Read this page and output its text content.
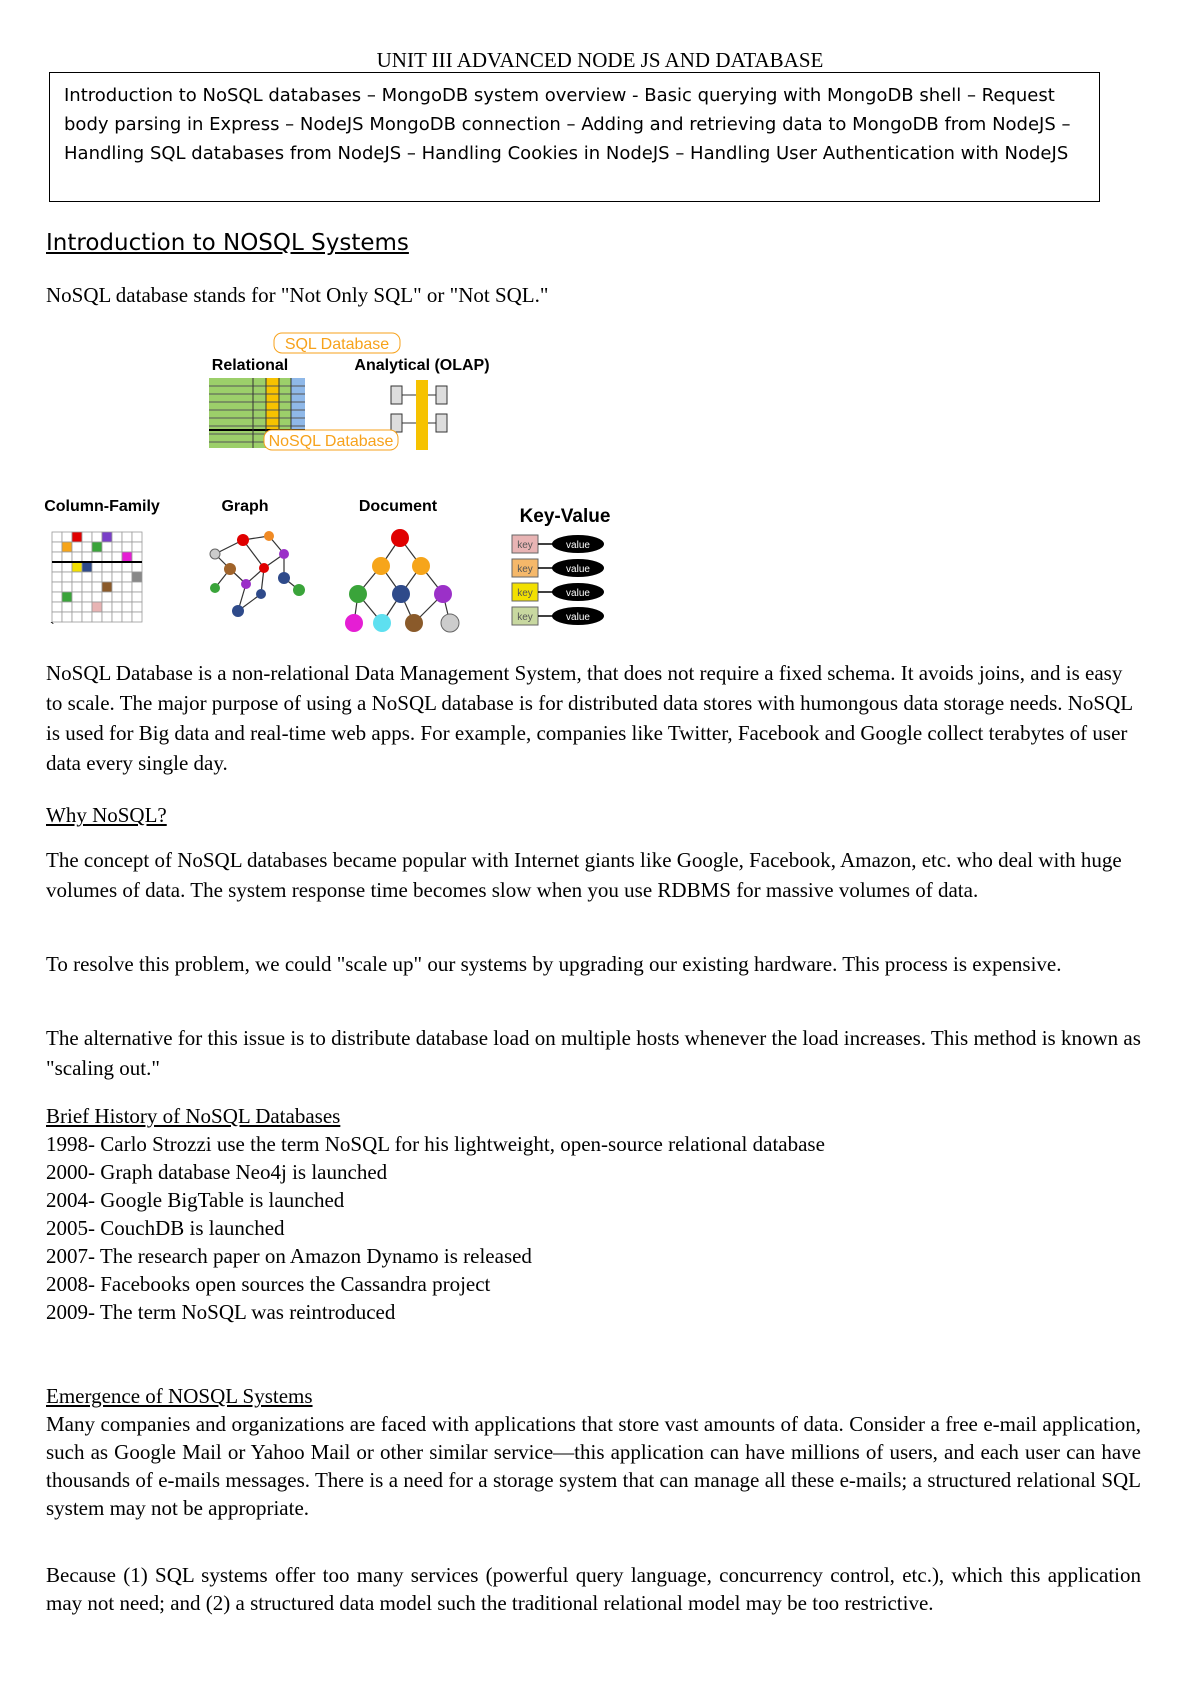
UNIT III ADVANCED NODE JS AND DATABASE
Introduction to NoSQL databases – MongoDB system overview - Basic querying with MongoDB shell – Request body parsing in Express – NodeJS MongoDB connection – Adding and retrieving data to MongoDB from NodeJS – Handling SQL databases from NodeJS – Handling Cookies in NodeJS – Handling User Authentication with NodeJS
Introduction to NOSQL Systems

NoSQL database stands for "Not Only SQL" or "Not SQL."

SQL Database
Relational	Analytical (OLAP)
NoSQL Database
Column-Family	Graph	Document	Key-Value
key	value
key	value
key	value
key	value
`

NoSQL Database is a non-relational Data Management System, that does not require a fixed schema. It avoids joins, and is easy to scale. The major purpose of using a NoSQL database is for distributed data stores with humongous data storage needs. NoSQL is used for Big data and real-time web apps. For example, companies like Twitter, Facebook and Google collect terabytes of user data every single day.

Why NoSQL?

The concept of NoSQL databases became popular with Internet giants like Google, Facebook, Amazon, etc. who deal with huge volumes of data. The system response time becomes slow when you use RDBMS for massive volumes of data.

To resolve this problem, we could "scale up" our systems by upgrading our existing hardware. This process is expensive.

The alternative for this issue is to distribute database load on multiple hosts whenever the load increases. This method is known as "scaling out."

Brief History of NoSQL Databases
1998- Carlo Strozzi use the term NoSQL for his lightweight, open-source relational database
2000- Graph database Neo4j is launched
2004- Google BigTable is launched
2005- CouchDB is launched
2007- The research paper on Amazon Dynamo is released
2008- Facebooks open sources the Cassandra project
2009- The term NoSQL was reintroduced
Emergence of NOSQL Systems

Many companies and organizations are faced with applications that store vast amounts of data. Consider a free e-mail application, such as Google Mail or Yahoo Mail or other similar service—this application can have millions of users, and each user can have thousands of e-mails messages. There is a need for a storage system that can manage all these e-mails; a structured relational SQL system may not be appropriate.

Because (1) SQL systems offer too many services (powerful query language, concurrency control, etc.), which this application may not need; and (2) a structured data model such the traditional relational model may be too restrictive.
